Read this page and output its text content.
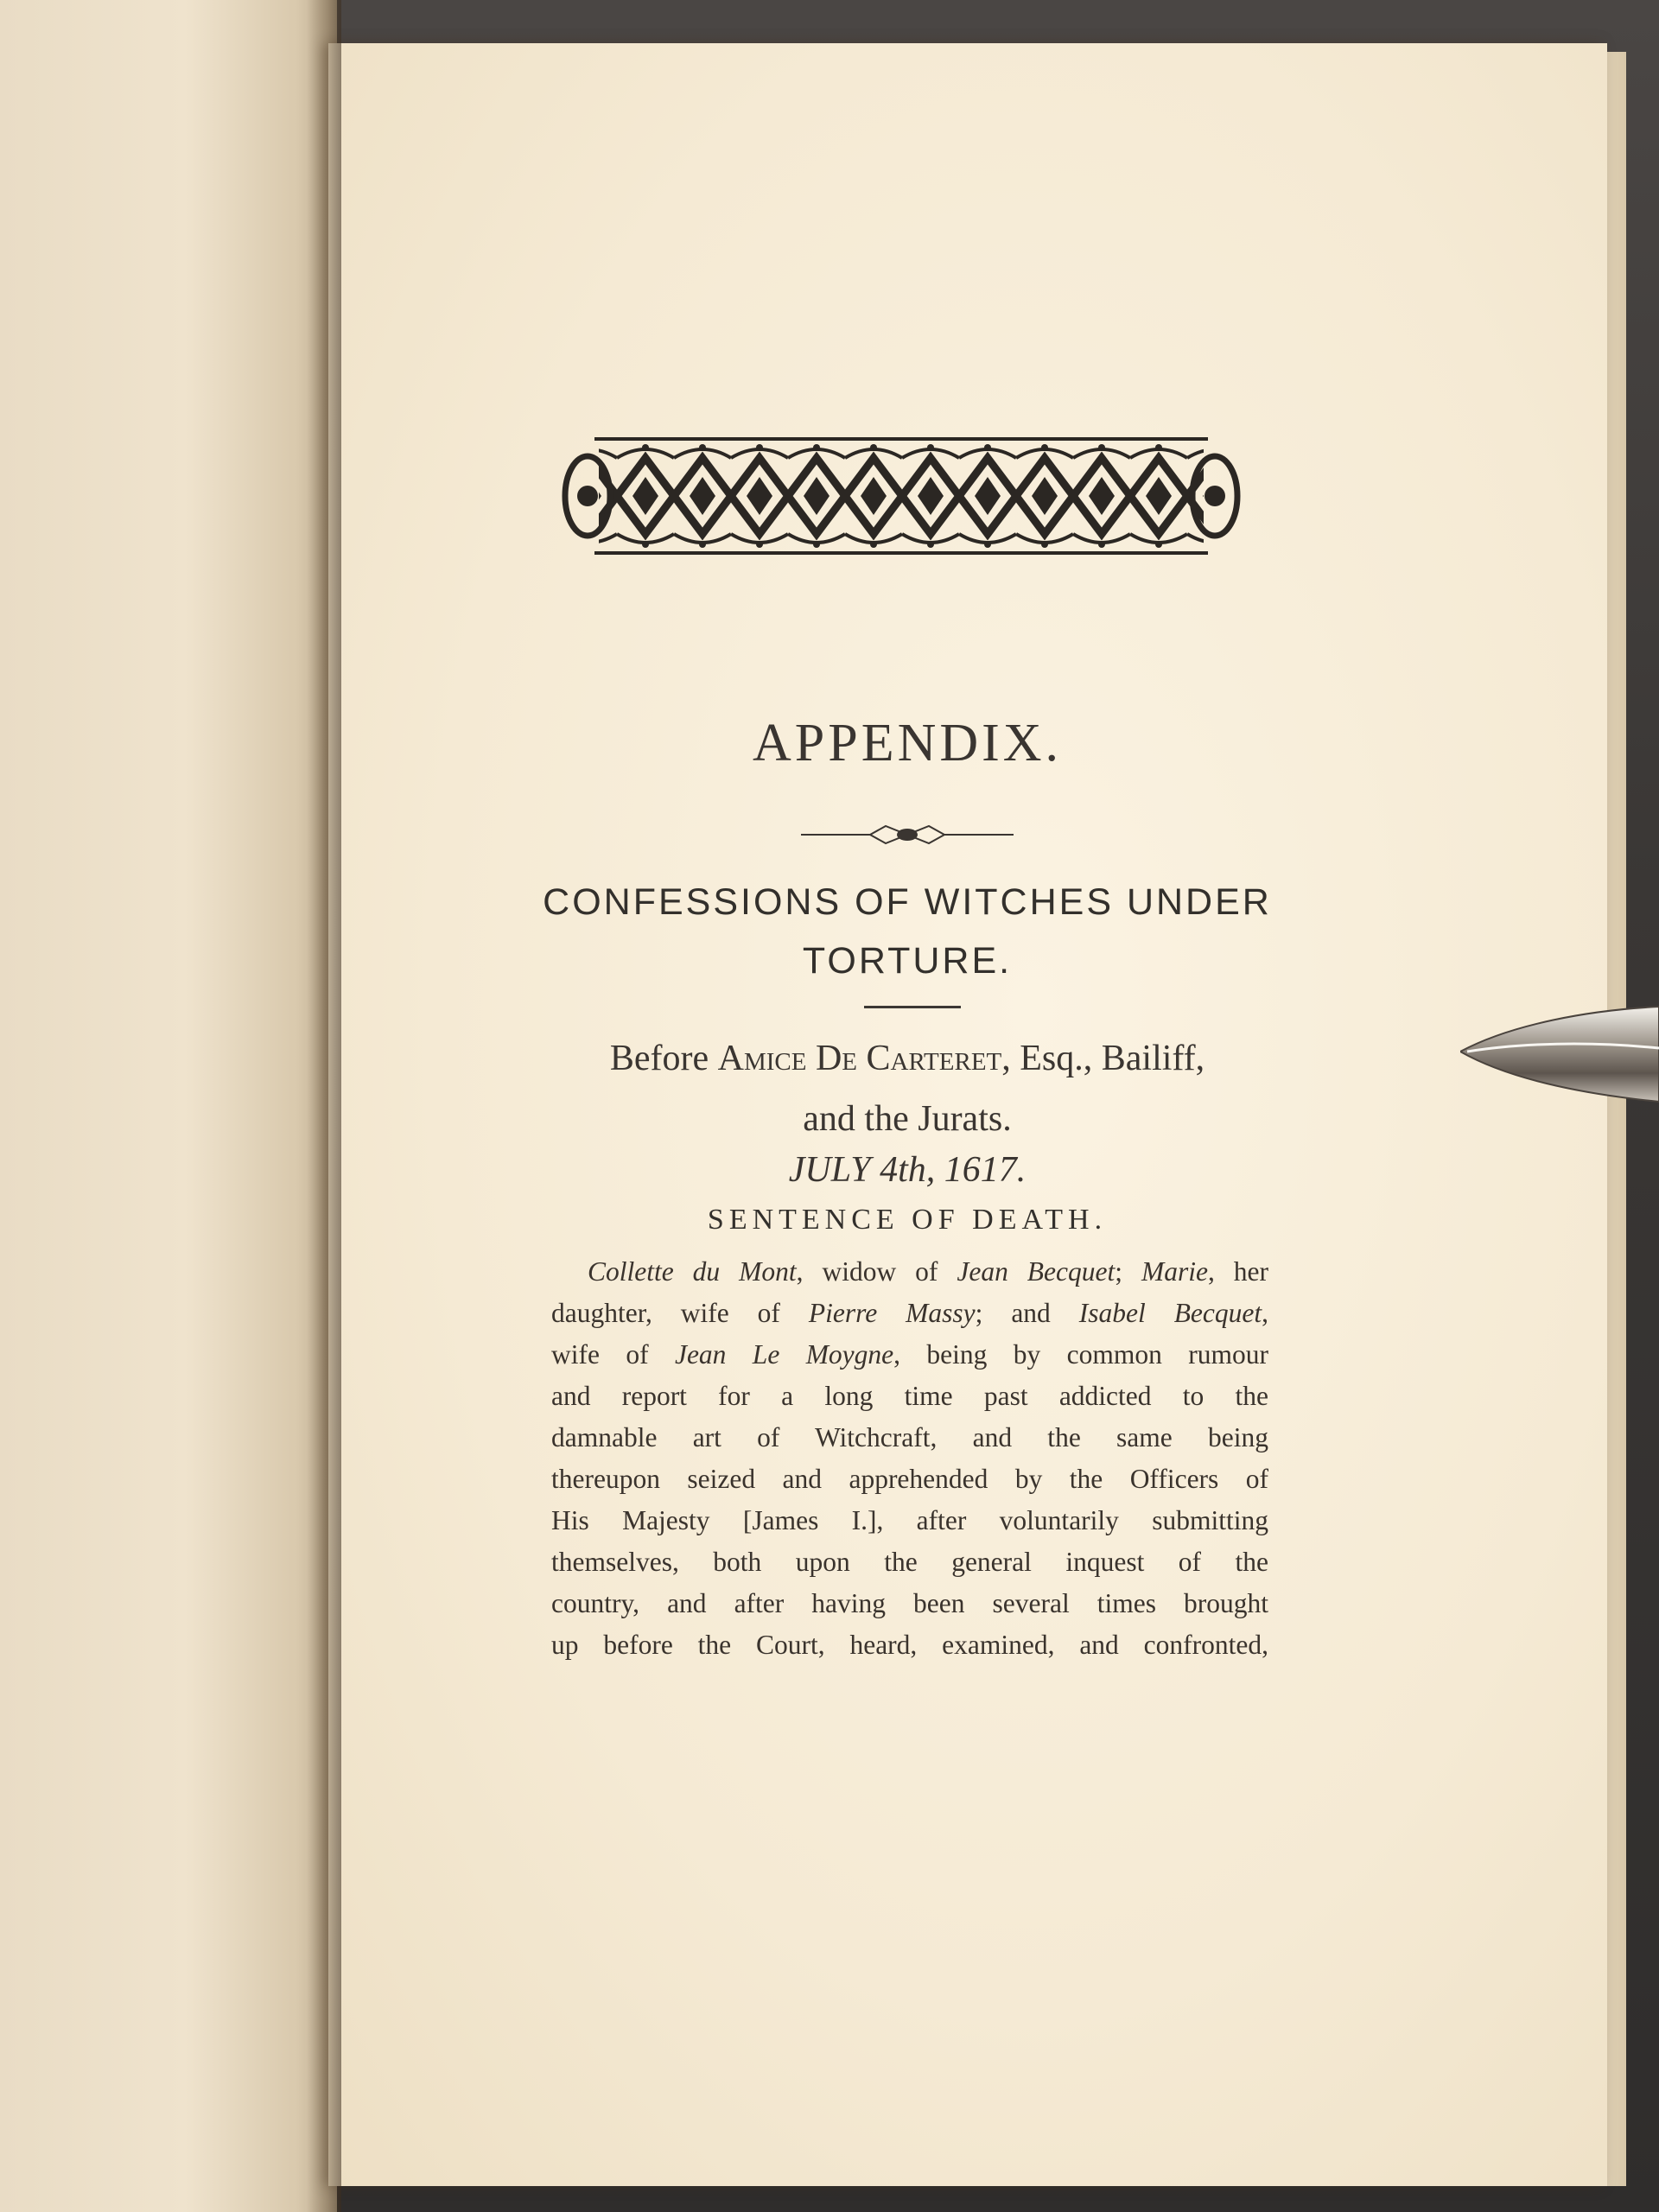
APPENDIX.
CONFESSIONS OF WITCHES UNDER
TORTURE.
Before Amice De Carteret, Esq., Bailiff,
and the Jurats.
JULY 4th, 1617.
SENTENCE OF DEATH.
Collette du Mont, widow of Jean Becquet; Marie, her
daughter, wife of Pierre Massy; and Isabel Becquet,
wife of Jean Le Moygne, being by common rumour
and report for a long time past addicted to the
damnable art of Witchcraft, and the same being
thereupon seized and apprehended by the Officers of
His Majesty [James I.], after voluntarily submitting
themselves, both upon the general inquest of the
country, and after having been several times brought
up before the Court, heard, examined, and confronted,
